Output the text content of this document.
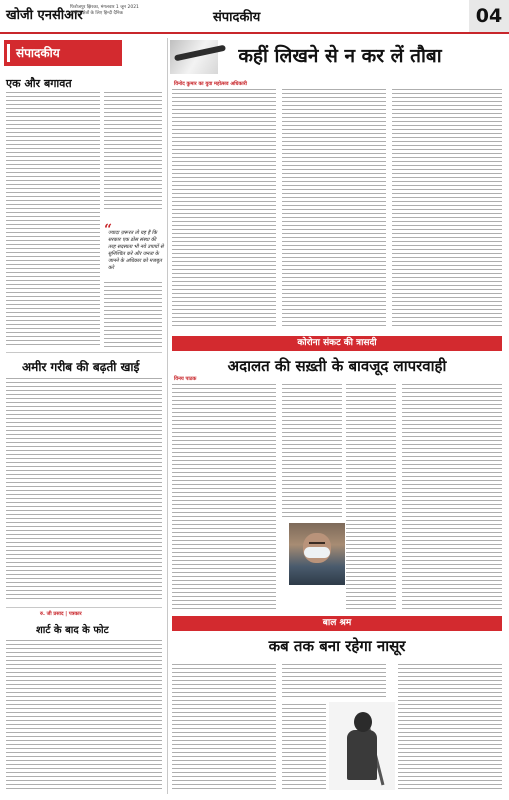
खोजी एनसीआर
फिरोजपुर झिरका, मंगलवार 1 जून 2021
ग्रामीण क्षेत्रों के लिए हिन्दी दैनिक	संपादकीय	04
संपादकीय
एक और बगावत
“
ज्यादा ज़रूरत तो यह है कि सरकार एक ठोस संस्था की तरह सदस्यता भी नये उपायों से सुनिश्चित करे और जनता के जानने के अधिकार को मजबूत करे
अमीर गरीब की बढ़ती खाई
रु. जी प्रसाद | पत्रकार
शार्ट के बाद के फोट
कहीं लिखने से न कर लें तौबा
विनोद कुमार का युवा महोत्सव अधिकारी
कोरोना संकट की त्रासदी
अदालत की सख़्ती के बावजूद लापरवाही
विनय पाठक
बाल श्रम
कब तक बना रहेगा नासूर
